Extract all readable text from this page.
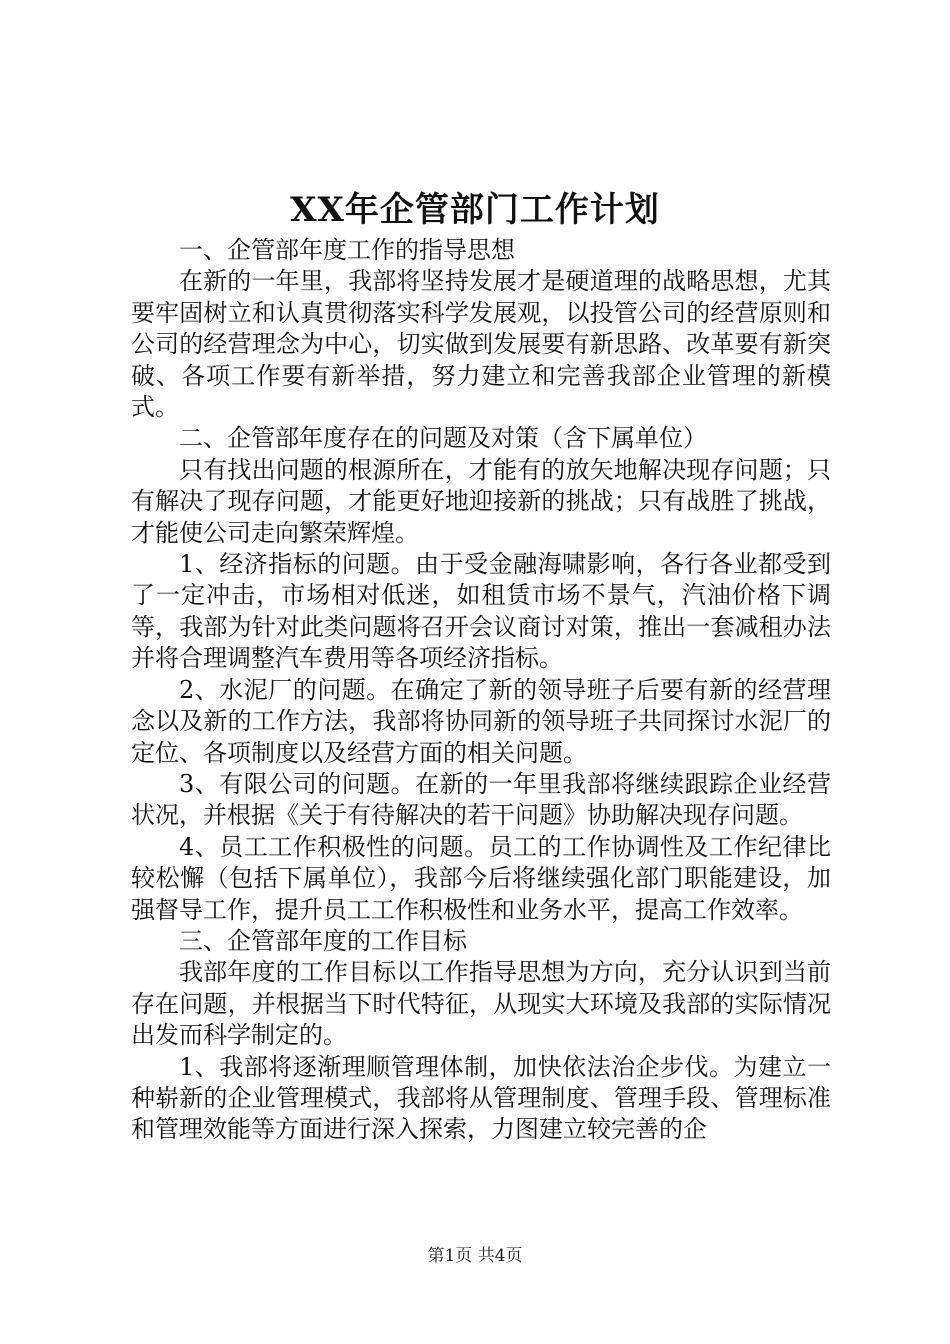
XX年企管部门工作计划

一、企管部年度工作的指导思想

在新的一年里，我部将坚持发展才是硬道理的战略思想，尤其要牢固树立和认真贯彻落实科学发展观，以投管公司的经营原则和公司的经营理念为中心，切实做到发展要有新思路、改革要有新突破、各项工作要有新举措，努力建立和完善我部企业管理的新模式。

二、企管部年度存在的问题及对策（含下属单位）

只有找出问题的根源所在，才能有的放矢地解决现存问题；只有解决了现存问题，才能更好地迎接新的挑战；只有战胜了挑战，才能使公司走向繁荣辉煌。

1、经济指标的问题。由于受金融海啸影响，各行各业都受到了一定冲击，市场相对低迷，如租赁市场不景气，汽油价格下调等，我部为针对此类问题将召开会议商讨对策，推出一套减租办法并将合理调整汽车费用等各项经济指标。

2、水泥厂的问题。在确定了新的领导班子后要有新的经营理念以及新的工作方法，我部将协同新的领导班子共同探讨水泥厂的定位、各项制度以及经营方面的相关问题。

3、有限公司的问题。在新的一年里我部将继续跟踪企业经营状况，并根据《关于有待解决的若干问题》协助解决现存问题。

4、员工工作积极性的问题。员工的工作协调性及工作纪律比较松懈（包括下属单位），我部今后将继续强化部门职能建设，加强督导工作，提升员工工作积极性和业务水平，提高工作效率。

三、企管部年度的工作目标

我部年度的工作目标以工作指导思想为方向，充分认识到当前存在问题，并根据当下时代特征，从现实大环境及我部的实际情况出发而科学制定的。

1、我部将逐渐理顺管理体制，加快依法治企步伐。为建立一种崭新的企业管理模式，我部将从管理制度、管理手段、管理标准和管理效能等方面进行深入探索，力图建立较完善的企

第1页 共4页
